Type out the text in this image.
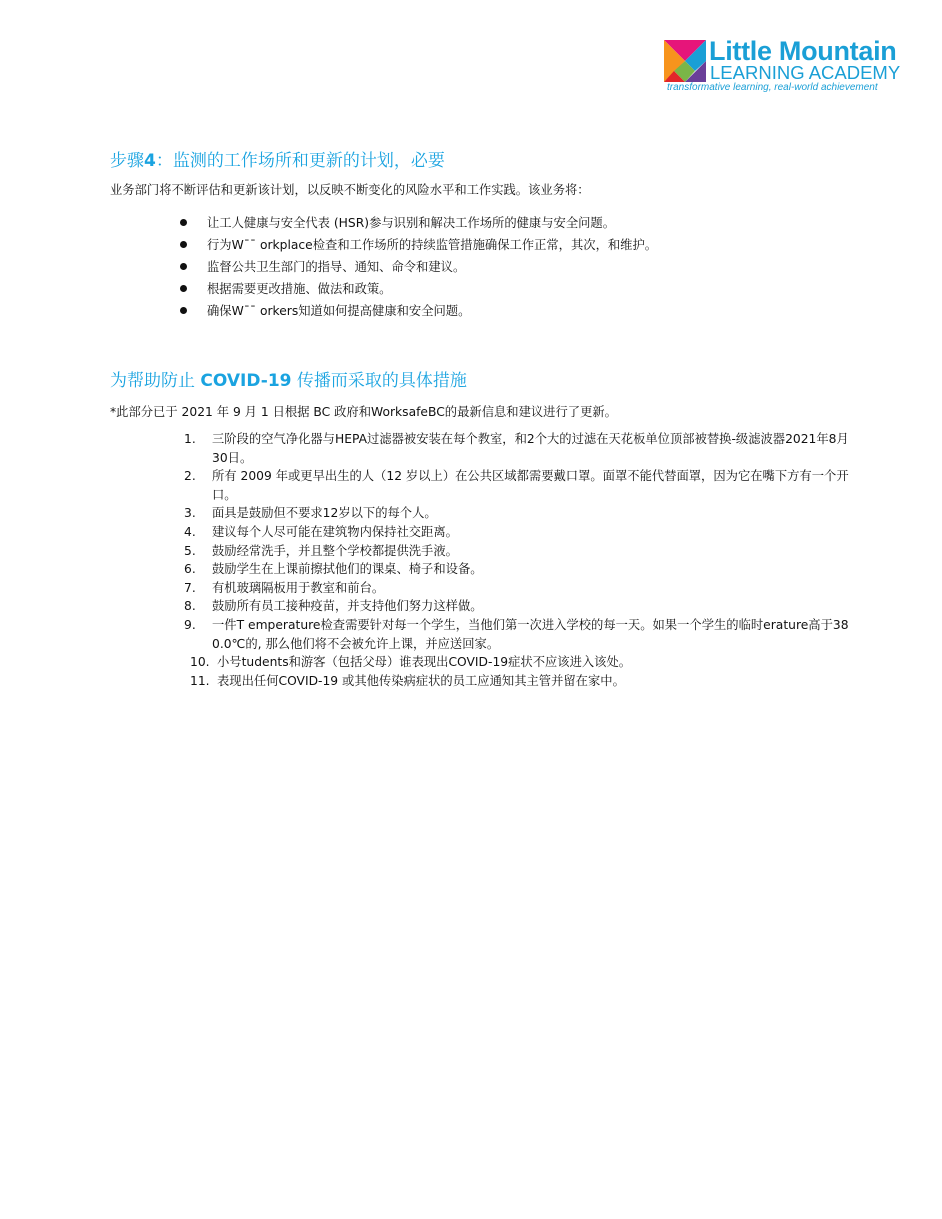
Little Mountain
LEARNING ACADEMY
transformative learning, real-world achievement
步骤4：监测的工作场所和更新的计划，必要

业务部门将不断评估和更新该计划，以反映不断变化的风险水平和工作实践。该业务将：

让工人健康与安全代表 (HSR)参与识别和解决工作场所的健康与安全问题。
行为W¯¯ orkplace检查和工作场所的持续监管措施确保工作正常，其次，和维护。
监督公共卫生部门的指导、通知、命令和建议。
根据需要更改措施、做法和政策。
确保W¯¯ orkers知道如何提高健康和安全问题。
为帮助防止 COVID-19 传播而采取的具体措施

*此部分已于 2021 年 9 月 1 日根据 BC 政府和WorksafeBC的最新信息和建议进行了更新。

1.	三阶段的空气净化器与HEPA过滤器被安装在每个教室，和2个大的过滤在天花板单位顶部被替换-级滤波器2021年8月30日。
2.	所有 2009 年或更早出生的人（12 岁以上）在公共区域都需要戴口罩。面罩不能代替面罩，因为它在嘴下方有一个开口。
3.	面具是鼓励但不要求12岁以下的每个人。
4.	建议每个人尽可能在建筑物内保持社交距离。
5.	鼓励经常洗手，并且整个学校都提供洗手液。
6.	鼓励学生在上课前擦拭他们的课桌、椅子和设备。
7.	有机玻璃隔板用于教室和前台。
8.	鼓励所有员工接种疫苗，并支持他们努力这样做。
9.	一件T emperature检查需要针对每一个学生，当他们第一次进入学校的每一天。如果一个学生的临时erature高于38 0.0℃的, 那么他们将不会被允许上课，并应送回家。
10. 小号tudents和游客（包括父母）谁表现出COVID-19症状不应该进入该处。
11. 表现出任何COVID-19 或其他传染病症状的员工应通知其主管并留在家中。
